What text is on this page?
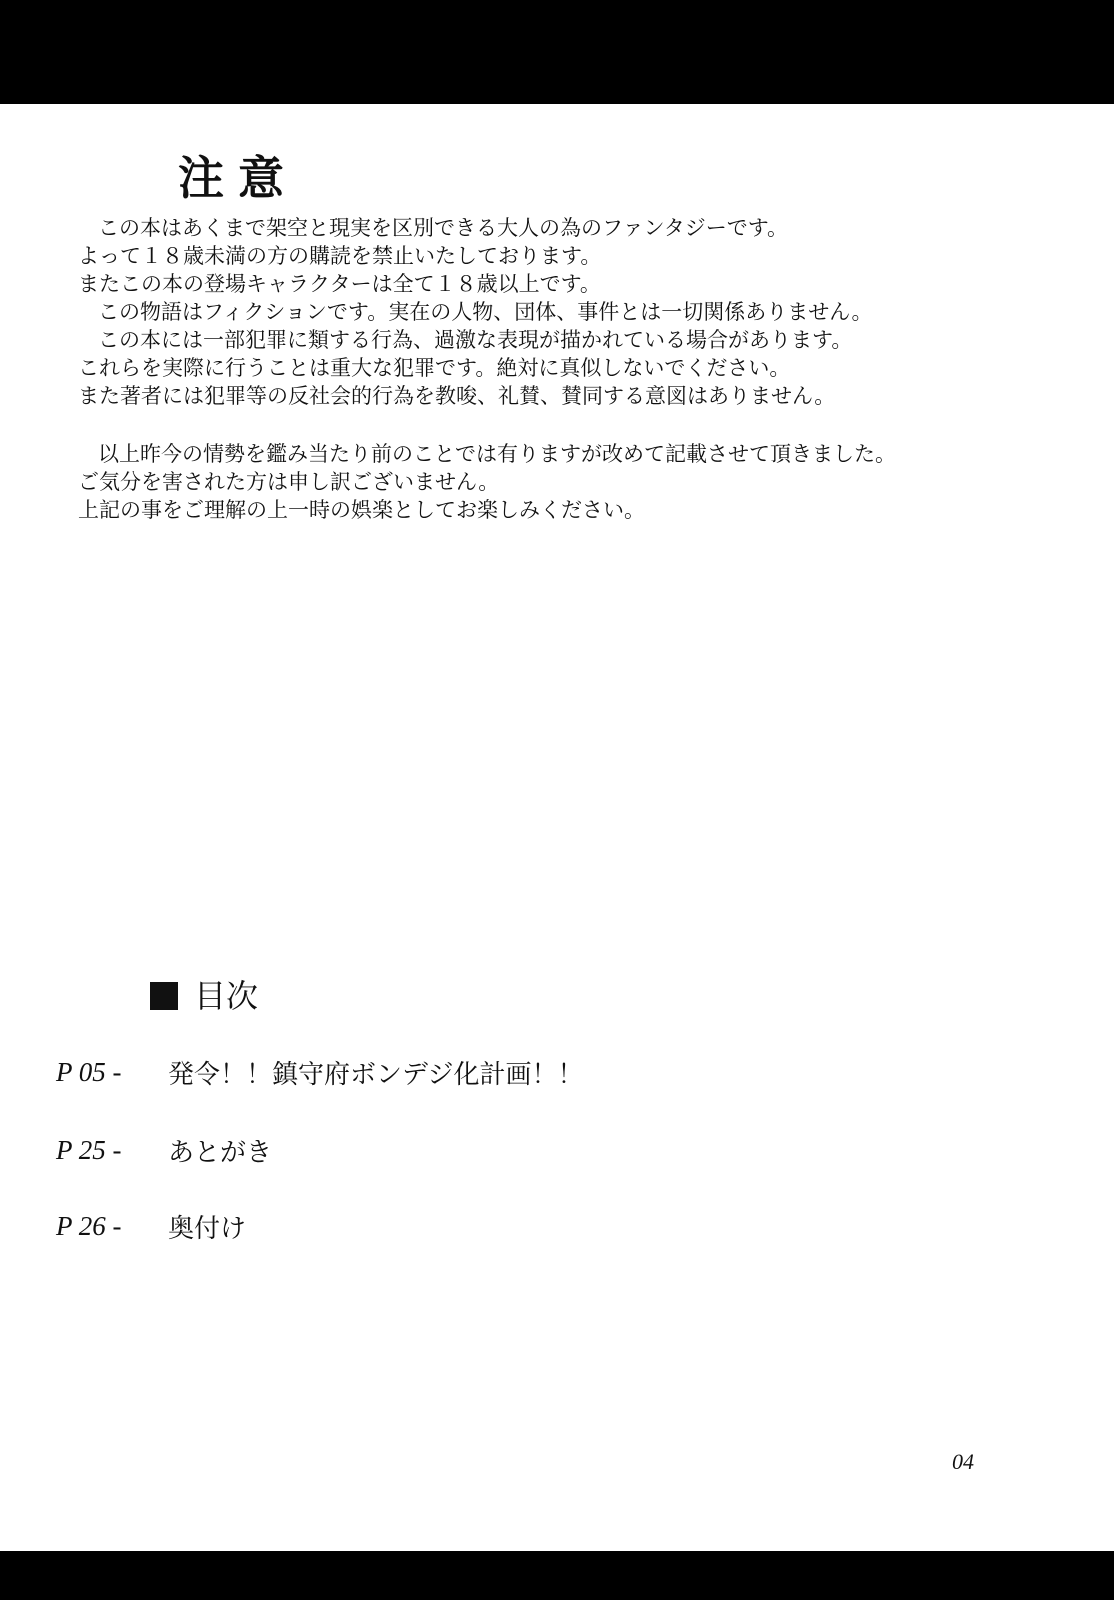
注意

この本はあくまで架空と現実を区別できる大人の為のファンタジーです。

よって１８歳未満の方の購読を禁止いたしております。

またこの本の登場キャラクターは全て１８歳以上です。

この物語はフィクションです。実在の人物、団体、事件とは一切関係ありません。

この本には一部犯罪に類する行為、過激な表現が描かれている場合があります。

これらを実際に行うことは重大な犯罪です。絶対に真似しないでください。

また著者には犯罪等の反社会的行為を教唆、礼賛、賛同する意図はありません。

以上昨今の情勢を鑑み当たり前のことでは有りますが改めて記載させて頂きました。

ご気分を害された方は申し訳ございません。

上記の事をご理解の上一時の娯楽としてお楽しみください。

目次
P 05 -	発令！！鎮守府ボンデジ化計画！！
P 25 -	あとがき
P 26 -	奥付け
04
